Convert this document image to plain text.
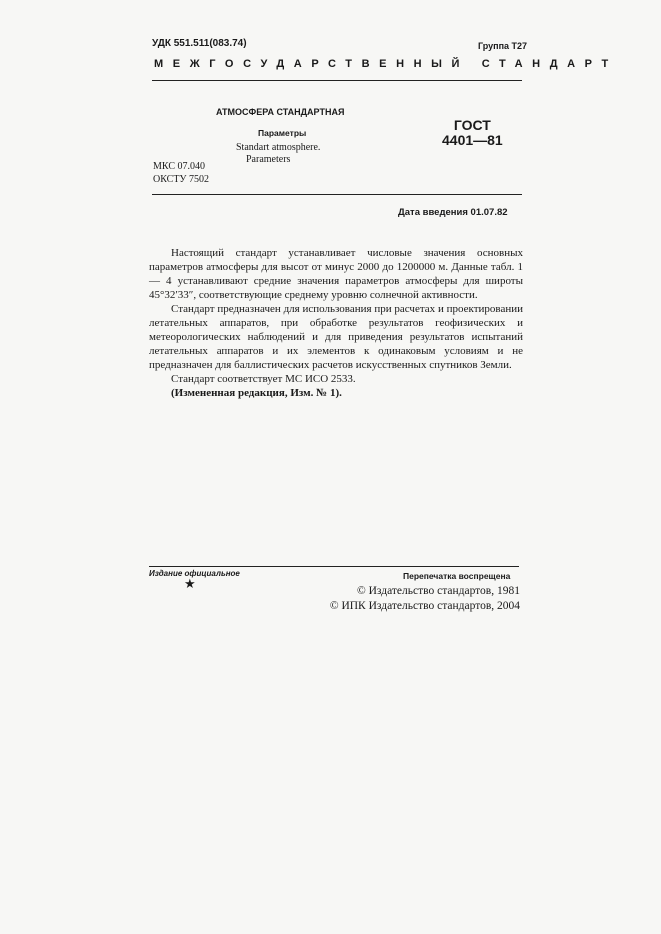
УДК 551.511(083.74)	Группа Т27
МЕЖГОСУДАРСТВЕННЫЙ СТАНДАРТ
АТМОСФЕРА СТАНДАРТНАЯ
Параметры
Standart atmosphere.
Parameters
ГОСТ
4401—81
МКС 07.040
ОКСТУ 7502
Дата введения 01.07.82

Настоящий стандарт устанавливает числовые значения основных параметров атмосферы для высот от минус 2000 до 1200000 м. Данные табл. 1 — 4 устанавливают средние значения параметров атмосферы для широты 45°32′33″, соответствующие среднему уровню солнечной активности.

Стандарт предназначен для использования при расчетах и проектировании летательных аппаратов, при обработке результатов геофизических и метеорологических наблюдений и для приведения результатов испытаний летательных аппаратов и их элементов к одинаковым условиям и не предназначен для баллистических расчетов искусственных спутников Земли.

Стандарт соответствует МС ИСО 2533.

(Измененная редакция, Изм. № 1).

Издание официальное
★	Перепечатка воспрещена
© Издательство стандартов, 1981
© ИПК Издательство стандартов, 2004
